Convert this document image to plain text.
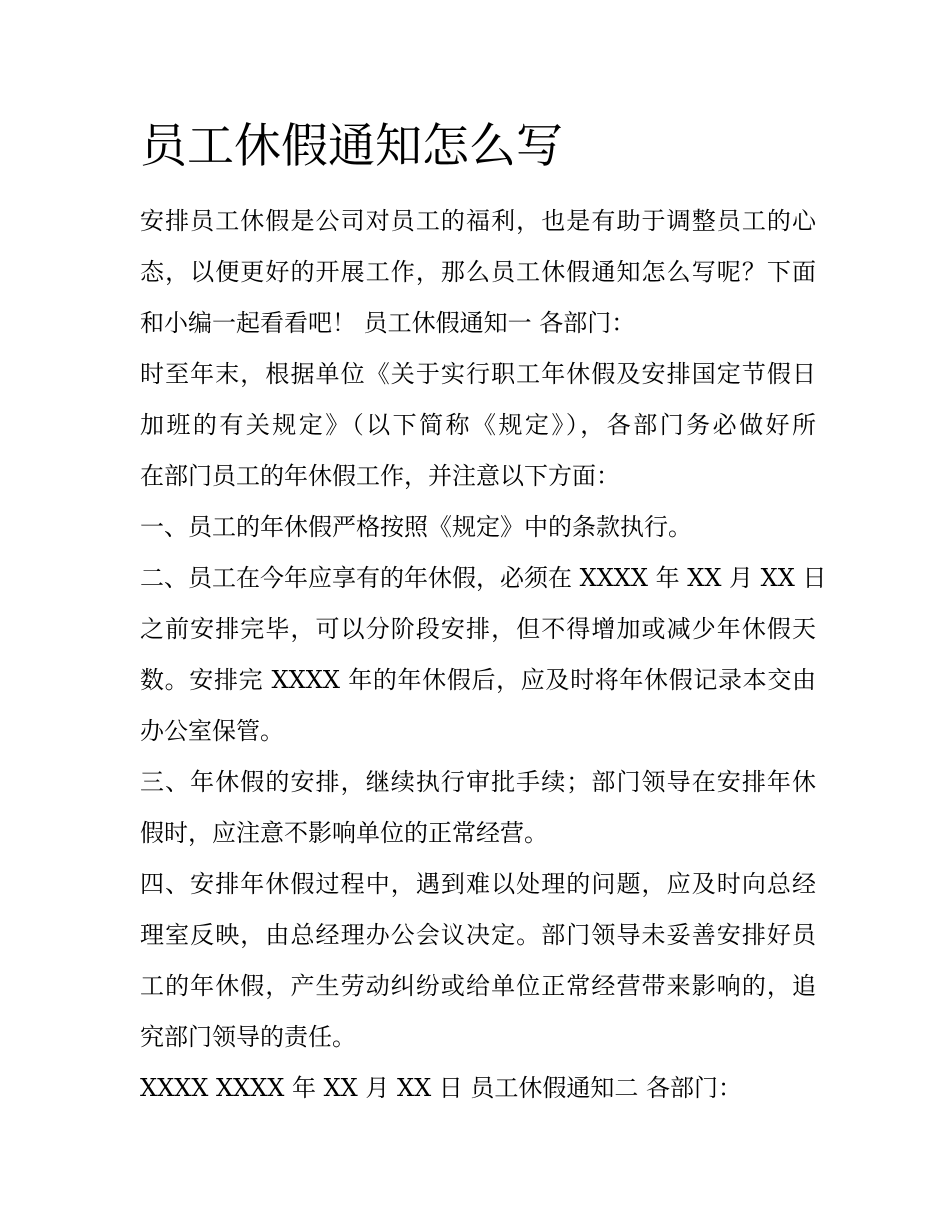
员工休假通知怎么写

安排员工休假是公司对员工的福利，也是有助于调整员工的心
态，以便更好的开展工作，那么员工休假通知怎么写呢？下面
和小编一起看看吧！ 员工休假通知一 各部门：

时至年末，根据单位《关于实行职工年休假及安排国定节假日
加班的有关规定》（以下简称《规定》），各部门务必做好所
在部门员工的年休假工作，并注意以下方面：

一、员工的年休假严格按照《规定》中的条款执行。

二、员工在今年应享有的年休假，必须在 XXXX 年 XX 月 XX 日
之前安排完毕，可以分阶段安排，但不得增加或减少年休假天
数。安排完 XXXX 年的年休假后，应及时将年休假记录本交由
办公室保管。

三、年休假的安排，继续执行审批手续；部门领导在安排年休
假时，应注意不影响单位的正常经营。

四、安排年休假过程中，遇到难以处理的问题，应及时向总经
理室反映，由总经理办公会议决定。部门领导未妥善安排好员
工的年休假，产生劳动纠纷或给单位正常经营带来影响的，追
究部门领导的责任。

XXXX XXXX 年 XX 月 XX 日 员工休假通知二 各部门：
